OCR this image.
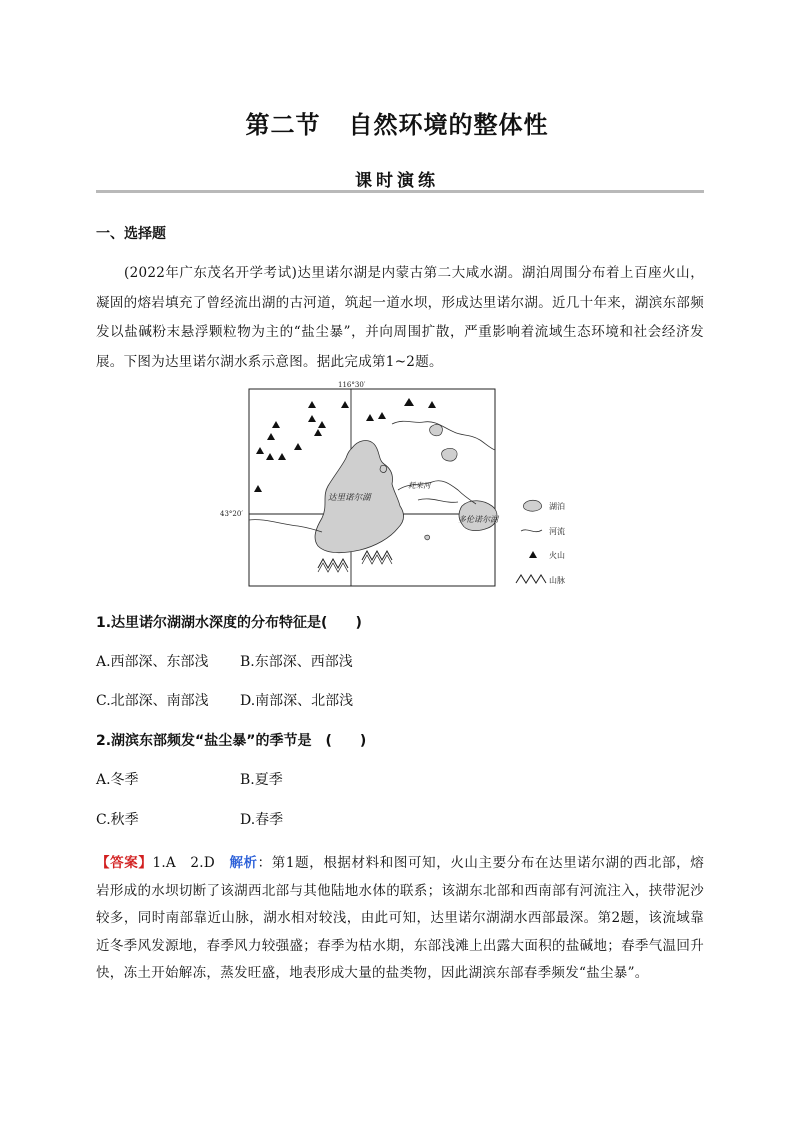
第二节 自然环境的整体性
课时演练
一、选择题
(2022年广东茂名开学考试)达里诺尔湖是内蒙古第二大咸水湖。湖泊周围分布着上百座火山，凝固的熔岩填充了曾经流出湖的古河道，筑起一道水坝，形成达里诺尔湖。近几十年来，湖滨东部频发以盐碱粉末悬浮颗粒物为主的“盐尘暴”，并向周围扩散，严重影响着流域生态环境和社会经济发展。下图为达里诺尔湖水系示意图。据此完成第1~2题。
116°30′
43°20′
达里诺尔湖
耗来河
多伦诺尔湖
湖泊
河流
火山
山脉
1.达里诺尔湖湖水深度的分布特征是(　　)
A.西部深、东部浅 B.东部深、西部浅
C.北部深、南部浅 D.南部深、北部浅
2.湖滨东部频发“盐尘暴”的季节是　(　　)
A.冬季	B.夏季
C.秋季	D.春季
【答案】1.A　2.D　解析：第1题，根据材料和图可知，火山主要分布在达里诺尔湖的西北部，熔岩形成的水坝切断了该湖西北部与其他陆地水体的联系；该湖东北部和西南部有河流注入，挟带泥沙较多，同时南部靠近山脉，湖水相对较浅，由此可知，达里诺尔湖湖水西部最深。第2题，该流域靠近冬季风发源地，春季风力较强盛；春季为枯水期，东部浅滩上出露大面积的盐碱地；春季气温回升快，冻土开始解冻，蒸发旺盛，地表形成大量的盐类物，因此湖滨东部春季频发“盐尘暴”。
